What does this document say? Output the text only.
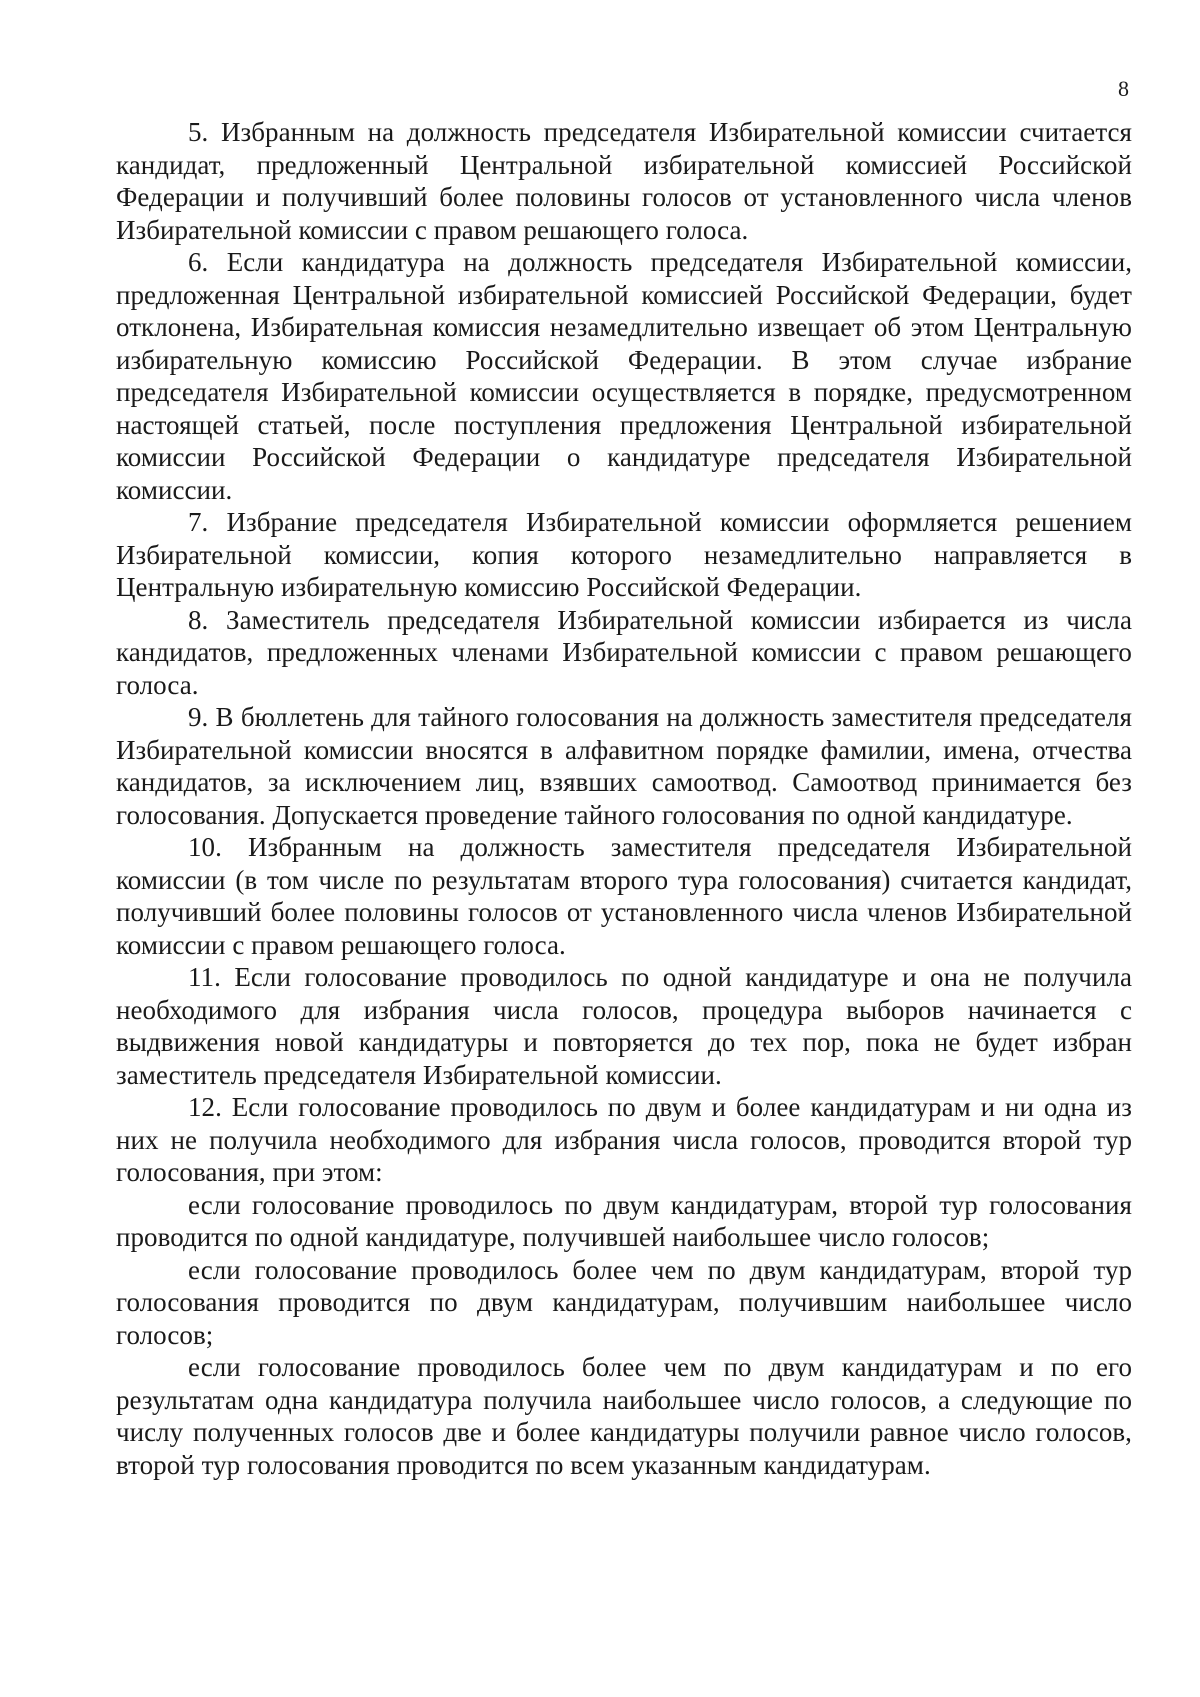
8

5. Избранным на должность председателя Избирательной комиссии считается кандидат, предложенный Центральной избирательной комиссией Российской Федерации и получивший более половины голосов от установленного числа членов Избирательной комиссии с правом решающего голоса.

6. Если кандидатура на должность председателя Избирательной комиссии, предложенная Центральной избирательной комиссией Российской Федерации, будет отклонена, Избирательная комиссия незамедлительно извещает об этом Центральную избирательную комиссию Российской Федерации. В этом случае избрание председателя Избирательной комиссии осуществляется в порядке, предусмотренном настоящей статьей, после поступления предложения Центральной избирательной комиссии Российской Федерации о кандидатуре председателя Избирательной комиссии.

7. Избрание председателя Избирательной комиссии оформляется решением Избирательной комиссии, копия которого незамедлительно направляется в Центральную избирательную комиссию Российской Федерации.

8. Заместитель председателя Избирательной комиссии избирается из числа кандидатов, предложенных членами Избирательной комиссии с правом решающего голоса.

9. В бюллетень для тайного голосования на должность заместителя председателя Избирательной комиссии вносятся в алфавитном порядке фамилии, имена, отчества кандидатов, за исключением лиц, взявших самоотвод. Самоотвод принимается без голосования. Допускается проведение тайного голосования по одной кандидатуре.

10. Избранным на должность заместителя председателя Избирательной комиссии (в том числе по результатам второго тура голосования) считается кандидат, получивший более половины голосов от установленного числа членов Избирательной комиссии с правом решающего голоса.

11. Если голосование проводилось по одной кандидатуре и она не получила необходимого для избрания числа голосов, процедура выборов начинается с выдвижения новой кандидатуры и повторяется до тех пор, пока не будет избран заместитель председателя Избирательной комиссии.

12. Если голосование проводилось по двум и более кандидатурам и ни одна из них не получила необходимого для избрания числа голосов, проводится второй тур голосования, при этом:

если голосование проводилось по двум кандидатурам, второй тур голосования проводится по одной кандидатуре, получившей наибольшее число голосов;

если голосование проводилось более чем по двум кандидатурам, второй тур голосования проводится по двум кандидатурам, получившим наибольшее число голосов;

если голосование проводилось более чем по двум кандидатурам и по его результатам одна кандидатура получила наибольшее число голосов, а следующие по числу полученных голосов две и более кандидатуры получили равное число голосов, второй тур голосования проводится по всем указанным кандидатурам.
